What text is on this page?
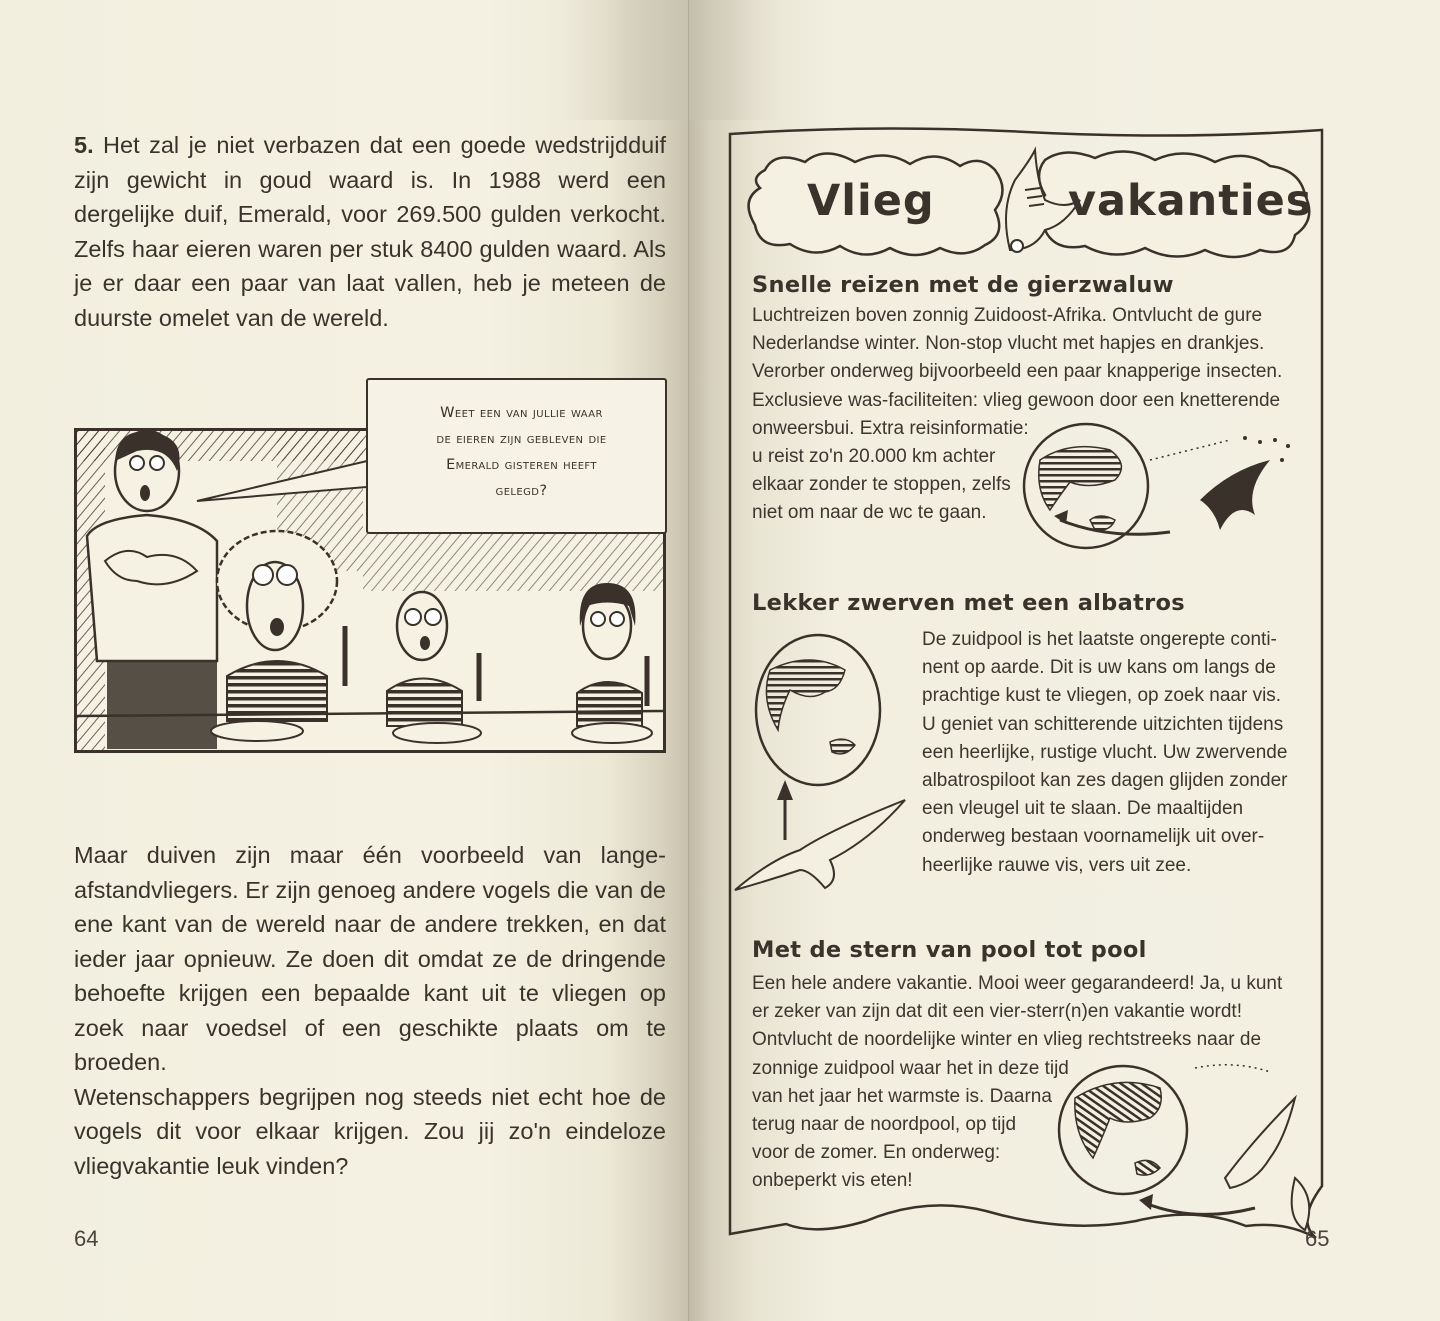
5. Het zal je niet verbazen dat een goede wedstrijdduif zijn gewicht in goud waard is. In 1988 werd een dergelijke duif, Emerald, voor 269.500 gulden verkocht. Zelfs haar eieren waren per stuk 8400 gulden waard. Als je er daar een paar van laat vallen, heb je meteen de duurste omelet van de wereld.

Weet een van jullie waar
de eieren zijn gebleven die
Emerald gisteren heeft
gelegd?

Maar duiven zijn maar één voorbeeld van lange-afstandvliegers. Er zijn genoeg andere vogels die van de ene kant van de wereld naar de andere trekken, en dat ieder jaar opnieuw. Ze doen dit omdat ze de dringende behoefte krijgen een bepaalde kant uit te vliegen op zoek naar voedsel of een geschikte plaats om te broeden.

Wetenschappers begrijpen nog steeds niet echt hoe de vogels dit voor elkaar krijgen. Zou jij zo'n eindeloze vliegvakantie leuk vinden?

64
Vlieg	vakanties
Snelle reizen met de gierzwaluw

Luchtreizen boven zonnig Zuidoost-Afrika. Ontvlucht de gure

Nederlandse winter. Non-stop vlucht met hapjes en drankjes.

Verorber onderweg bijvoorbeeld een paar knapperige insecten.

Exclusieve was-faciliteiten: vlieg gewoon door een knetterende

onweersbui. Extra reisinformatie:

u reist zo'n 20.000 km achter

elkaar zonder te stoppen, zelfs

niet om naar de wc te gaan.

Lekker zwerven met een albatros

De zuidpool is het laatste ongerepte conti-

nent op aarde. Dit is uw kans om langs de

prachtige kust te vliegen, op zoek naar vis.

U geniet van schitterende uitzichten tijdens

een heerlijke, rustige vlucht. Uw zwervende

albatrospiloot kan zes dagen glijden zonder

een vleugel uit te slaan. De maaltijden

onderweg bestaan voornamelijk uit over-

heerlijke rauwe vis, vers uit zee.

Met de stern van pool tot pool

Een hele andere vakantie. Mooi weer gegarandeerd! Ja, u kunt

er zeker van zijn dat dit een vier-sterr(n)en vakantie wordt!

Ontvlucht de noordelijke winter en vlieg rechtstreeks naar de

zonnige zuidpool waar het in deze tijd

van het jaar het warmste is. Daarna

terug naar de noordpool, op tijd

voor de zomer. En onderweg:

onbeperkt vis eten!

65
